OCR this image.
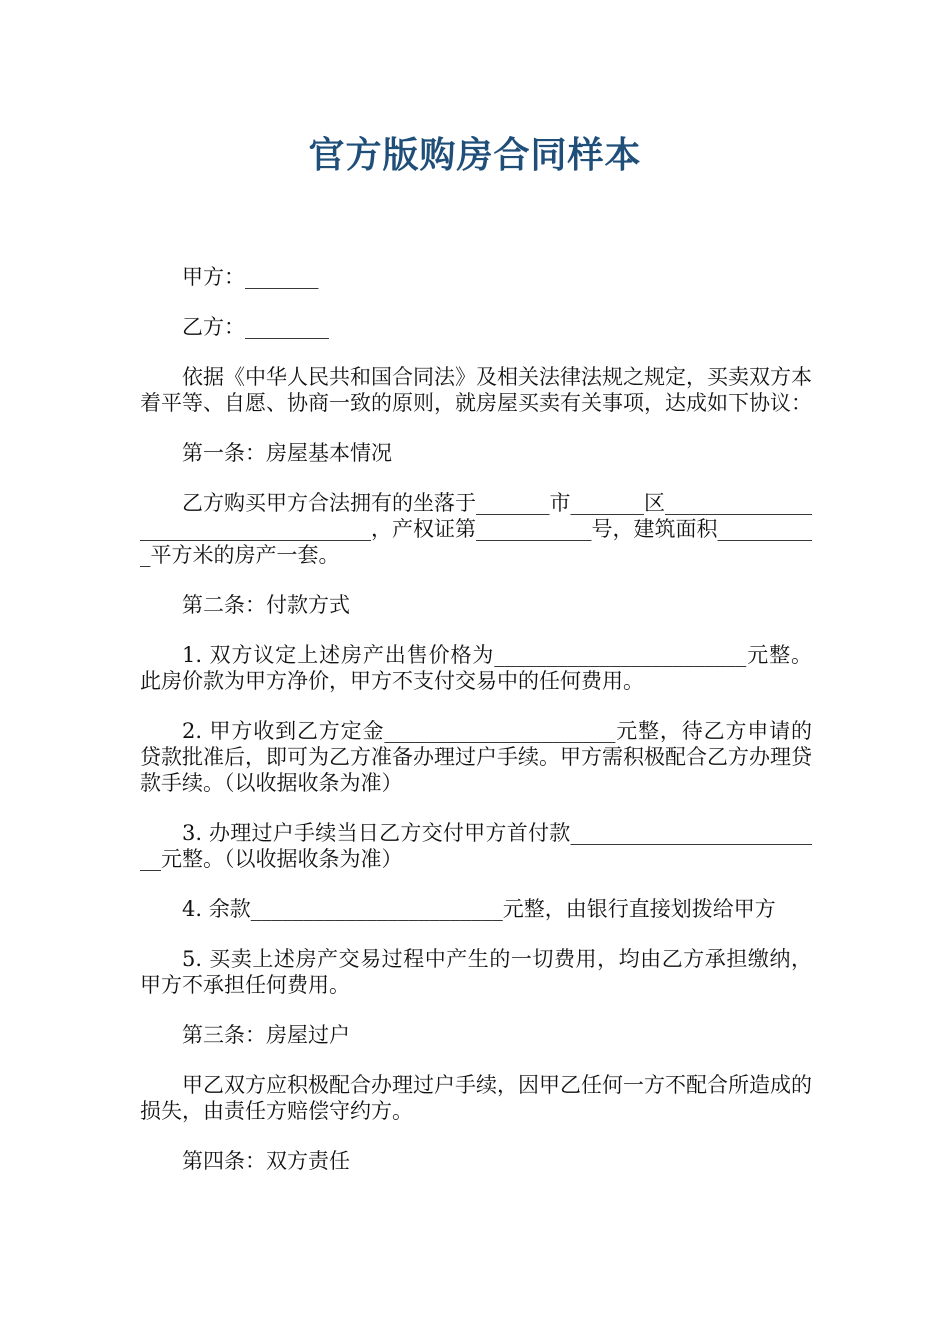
官方版购房合同样本

甲方：_______

乙方：________

依据《中华人民共和国合同法》及相关法律法规之规定，买卖双方本着平等、自愿、协商一致的原则，就房屋买卖有关事项，达成如下协议：

第一条：房屋基本情况

乙方购买甲方合法拥有的坐落于_______市_______区____________________________________，产权证第___________号，建筑面积__________平方米的房产一套。

第二条：付款方式

1. 双方议定上述房产出售价格为________________________元整。此房价款为甲方净价，甲方不支付交易中的任何费用。

2. 甲方收到乙方定金______________________元整，待乙方申请的贷款批准后，即可为乙方准备办理过户手续。甲方需积极配合乙方办理贷款手续。（以收据收条为准）

3. 办理过户手续当日乙方交付甲方首付款_________________________元整。（以收据收条为准）

4. 余款________________________元整，由银行直接划拨给甲方

5. 买卖上述房产交易过程中产生的一切费用，均由乙方承担缴纳，甲方不承担任何费用。

第三条：房屋过户

甲乙双方应积极配合办理过户手续，因甲乙任何一方不配合所造成的损失，由责任方赔偿守约方。

第四条：双方责任
